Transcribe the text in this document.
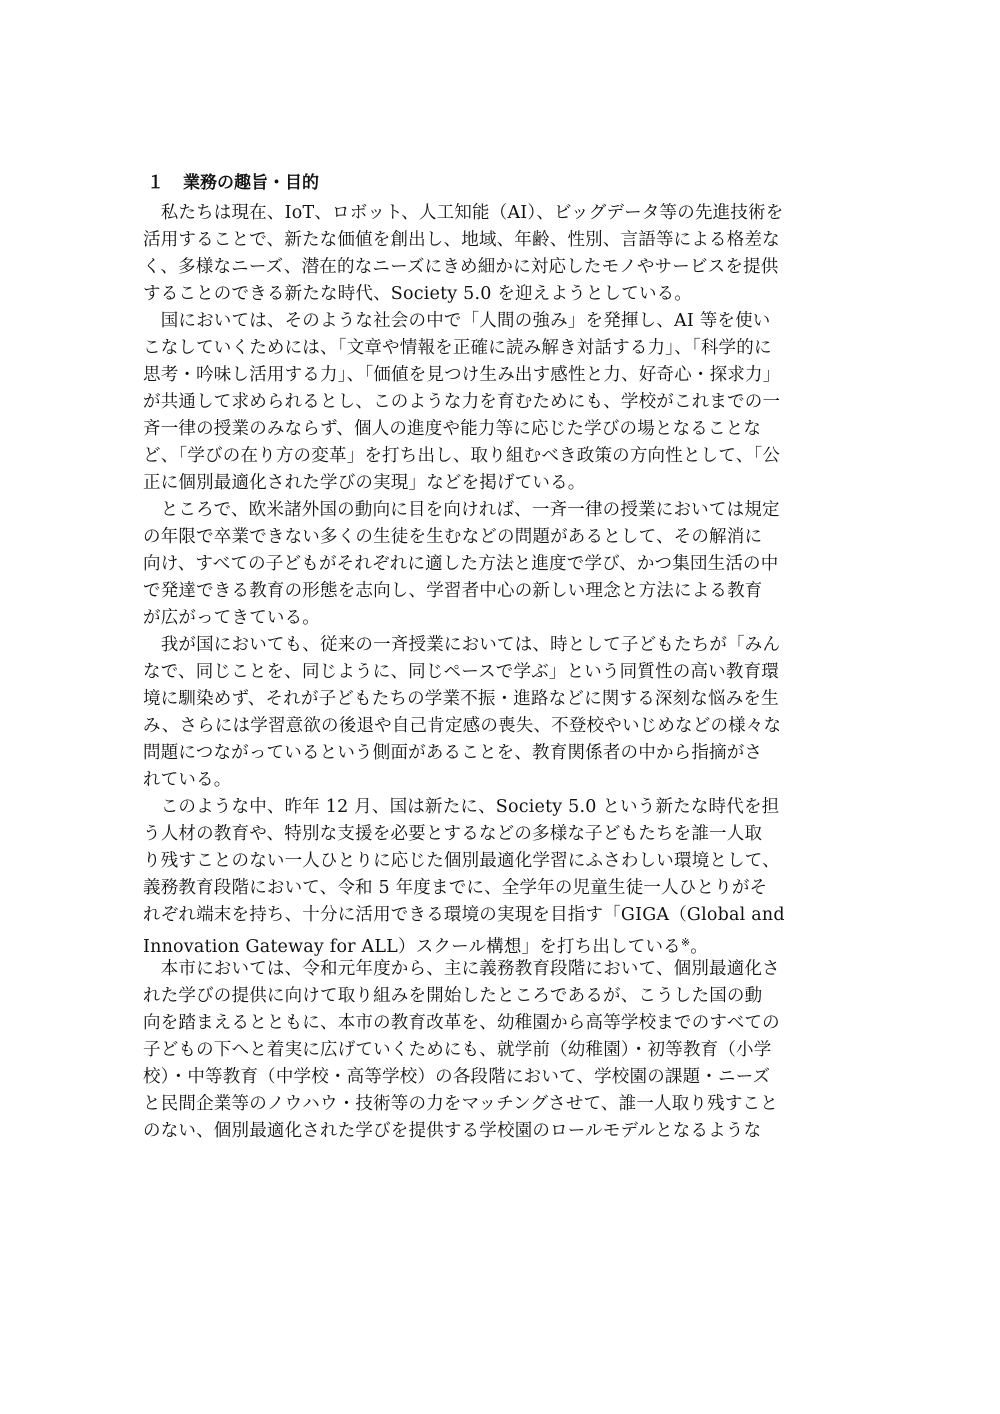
１ 業務の趣旨・目的
　私たちは現在、IoT、ロボット、人工知能（AI）、ビッグデータ等の先進技術を
活用することで、新たな価値を創出し、地域、年齢、性別、言語等による格差な
く、多様なニーズ、潜在的なニーズにきめ細かに対応したモノやサービスを提供
することのできる新たな時代、Society 5.0 を迎えようとしている。
　国においては、そのような社会の中で「人間の強み」を発揮し、AI 等を使い
こなしていくためには、「文章や情報を正確に読み解き対話する力」、「科学的に
思考・吟味し活用する力」、「価値を見つけ生み出す感性と力、好奇心・探求力」
が共通して求められるとし、このような力を育むためにも、学校がこれまでの一
斉一律の授業のみならず、個人の進度や能力等に応じた学びの場となることな
ど、「学びの在り方の変革」を打ち出し、取り組むべき政策の方向性として、「公
正に個別最適化された学びの実現」などを掲げている。
　ところで、欧米諸外国の動向に目を向ければ、一斉一律の授業においては規定
の年限で卒業できない多くの生徒を生むなどの問題があるとして、その解消に
向け、すべての子どもがそれぞれに適した方法と進度で学び、かつ集団生活の中
で発達できる教育の形態を志向し、学習者中心の新しい理念と方法による教育
が広がってきている。
　我が国においても、従来の一斉授業においては、時として子どもたちが「みん
なで、同じことを、同じように、同じペースで学ぶ」という同質性の高い教育環
境に馴染めず、それが子どもたちの学業不振・進路などに関する深刻な悩みを生
み、さらには学習意欲の後退や自己肯定感の喪失、不登校やいじめなどの様々な
問題につながっているという側面があることを、教育関係者の中から指摘がさ
れている。
　このような中、昨年 12 月、国は新たに、Society 5.0 という新たな時代を担
う人材の教育や、特別な支援を必要とするなどの多様な子どもたちを誰一人取
り残すことのない一人ひとりに応じた個別最適化学習にふさわしい環境として、
義務教育段階において、令和 5 年度までに、全学年の児童生徒一人ひとりがそ
れぞれ端末を持ち、十分に活用できる環境の実現を目指す「GIGA（Global and
Innovation Gateway for ALL）スクール構想」を打ち出している※。
　本市においては、令和元年度から、主に義務教育段階において、個別最適化さ
れた学びの提供に向けて取り組みを開始したところであるが、こうした国の動
向を踏まえるとともに、本市の教育改革を、幼稚園から高等学校までのすべての
子どもの下へと着実に広げていくためにも、就学前（幼稚園）・初等教育（小学
校）・中等教育（中学校・高等学校）の各段階において、学校園の課題・ニーズ
と民間企業等のノウハウ・技術等の力をマッチングさせて、誰一人取り残すこと
のない、個別最適化された学びを提供する学校園のロールモデルとなるような
